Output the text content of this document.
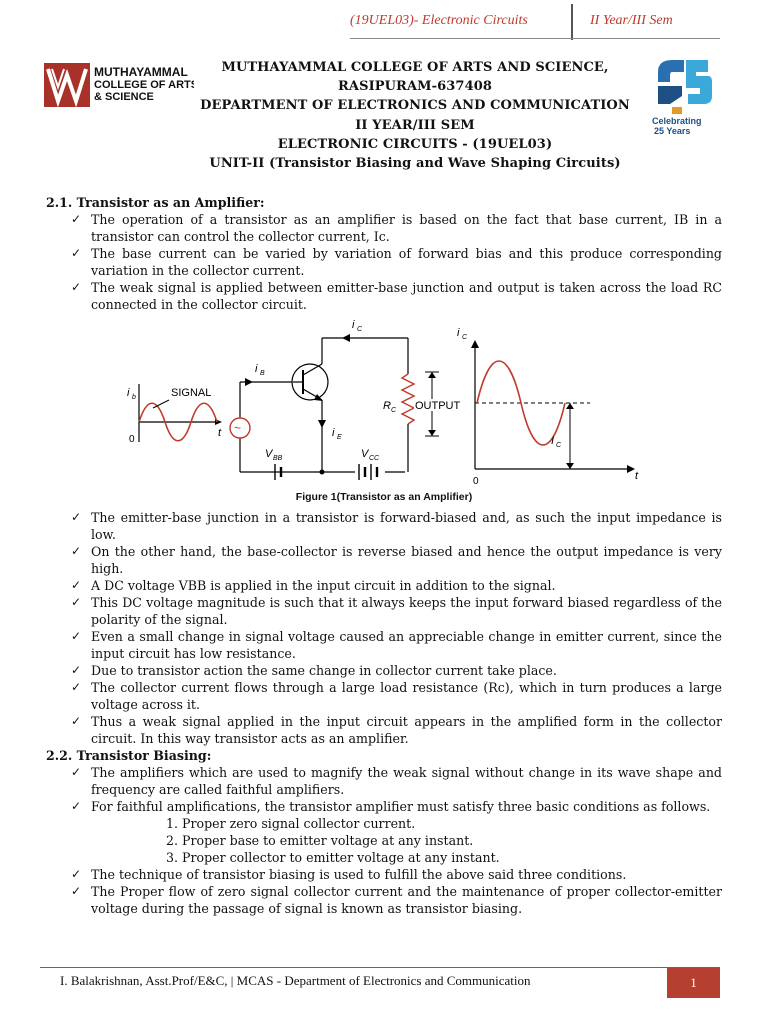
(19UEL03)- Electronic Circuits	II Year/III Sem
MUTHAYAMMAL
COLLEGE OF ARTS
& SCIENCE
Celebrating
25 Years
MUTHAYAMMAL COLLEGE OF ARTS AND SCIENCE,
RASIPURAM-637408
DEPARTMENT OF ELECTRONICS AND COMMUNICATION
II YEAR/III SEM
ELECTRONIC CIRCUITS - (19UEL03)
UNIT-II (Transistor Biasing and Wave Shaping Circuits)
2.1. Transistor as an Amplifier:
✓ The operation of a transistor as an amplifier is based on the fact that base current, IB in a transistor can control the collector current, Ic.
✓ The base current can be varied by variation of forward bias and this produce corresponding variation in the collector current.
✓ The weak signal is applied between emitter-base junction and output is taken across the load RC connected in the collector circuit.
i b
0
t
SIGNAL
~
i B
i C
i E
V BB	V CC
R C OUTPUT
i C
I C
0	t
Figure 1(Transistor as an Amplifier)
✓ The emitter-base junction in a transistor is forward-biased and, as such the input impedance is low.
✓ On the other hand, the base-collector is reverse biased and hence the output impedance is very high.
✓ A DC voltage VBB is applied in the input circuit in addition to the signal.
✓ This DC voltage magnitude is such that it always keeps the input forward biased regardless of the polarity of the signal.
✓ Even a small change in signal voltage caused an appreciable change in emitter current, since the input circuit has low resistance.
✓ Due to transistor action the same change in collector current take place.
✓ The collector current flows through a large load resistance (Rc), which in turn produces a large voltage across it.
✓ Thus a weak signal applied in the input circuit appears in the amplified form in the collector circuit. In this way transistor acts as an amplifier.
2.2. Transistor Biasing:
✓ The amplifiers which are used to magnify the weak signal without change in its wave shape and frequency are called faithful amplifiers.
✓ For faithful amplifications, the transistor amplifier must satisfy three basic conditions as follows.
1. Proper zero signal collector current.
2. Proper base to emitter voltage at any instant.
3. Proper collector to emitter voltage at any instant.
✓ The technique of transistor biasing is used to fulfill the above said three conditions.
✓ The Proper flow of zero signal collector current and the maintenance of proper collector-emitter voltage during the passage of signal is known as transistor biasing.
I. Balakrishnan, Asst.Prof/E&C, | MCAS - Department of Electronics and Communication	1
